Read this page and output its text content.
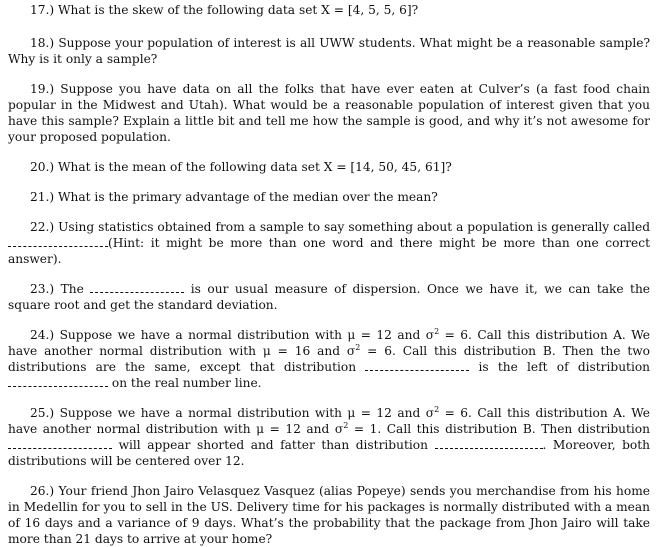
17.) What is the skew of the following data set X = [4, 5, 5, 6]?

18.) Suppose your population of interest is all UWW students. What might be a reasonable sample? Why is it only a sample?

19.) Suppose you have data on all the folks that have ever eaten at Culver’s (a fast food chain popular in the Midwest and Utah). What would be a reasonable population of interest given that you have this sample? Explain a little bit and tell me how the sample is good, and why it’s not awesome for your proposed population.

20.) What is the mean of the following data set X = [14, 50, 45, 61]?

21.) What is the primary advantage of the median over the mean?

22.) Using statistics obtained from a sample to say something about a population is generally called (Hint: it might be more than one word and there might be more than one correct answer).

23.) The	is our usual measure of dispersion. Once we have it, we can take the square root and get the standard deviation.

24.) Suppose we have a normal distribution with μ = 12 and $\sigma^2 = 6$. Call this distribution A. We have another normal distribution with μ = 16 and $\sigma^2 = 6$. Call this distribution B. Then the two distributions are the same, except that distribution	is the left of distribution  on the real number line.

25.) Suppose we have a normal distribution with μ = 12 and $\sigma^2 = 6$. Call this distribution A. We have another normal distribution with μ = 12 and $\sigma^2 = 1$. Call this distribution B. Then distribution  will appear shorted and fatter than distribution	. Moreover, both distributions will be centered over 12.

26.) Your friend Jhon Jairo Velasquez Vasquez (alias Popeye) sends you merchandise from his home in Medellin for you to sell in the US. Delivery time for his packages is normally distributed with a mean of 16 days and a variance of 9 days. What’s the probability that the package from Jhon Jairo will take more than 21 days to arrive at your home?
